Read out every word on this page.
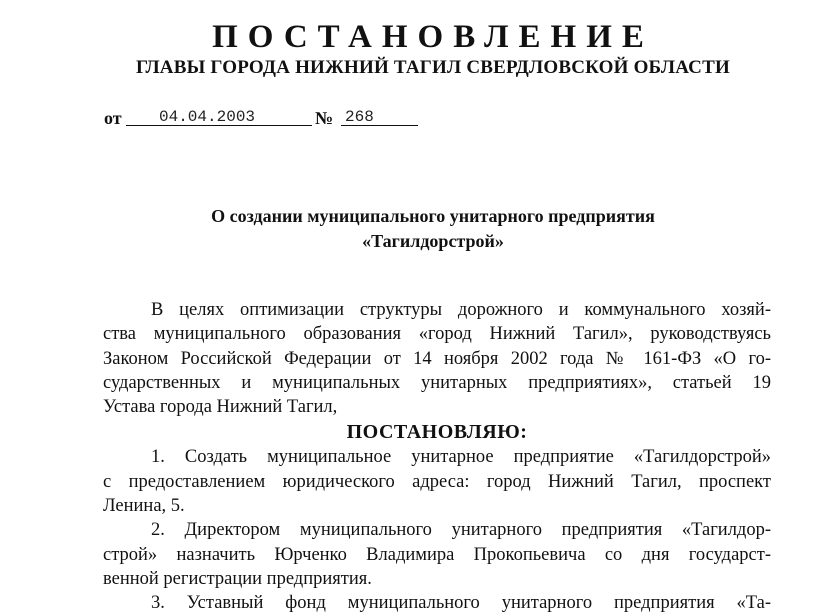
ПОСТАНОВЛЕНИЕ
ГЛАВЫ ГОРОДА НИЖНИЙ ТАГИЛ СВЕРДЛОВСКОЙ ОБЛАСТИ
от	04.04.2003	№ 268
О создании муниципального унитарного предприятия
«Тагилдорстрой»
В целях оптимизации структуры дорожного и коммунального хозяй-
ства муниципального образования «город Нижний Тагил», руководствуясь
Законом Российской Федерации от 14 ноября 2002 года № 161-ФЗ «О го-
сударственных и муниципальных унитарных предприятиях», статьей 19
Устава города Нижний Тагил,
ПОСТАНОВЛЯЮ:
1. Создать муниципальное унитарное предприятие «Тагилдорстрой»
с предоставлением юридического адреса: город Нижний Тагил, проспект
Ленина, 5.
2. Директором муниципального унитарного предприятия «Тагилдор-
строй» назначить Юрченко Владимира Прокопьевича со дня государст-
венной регистрации предприятия.
3. Уставный фонд муниципального унитарного предприятия «Та-
